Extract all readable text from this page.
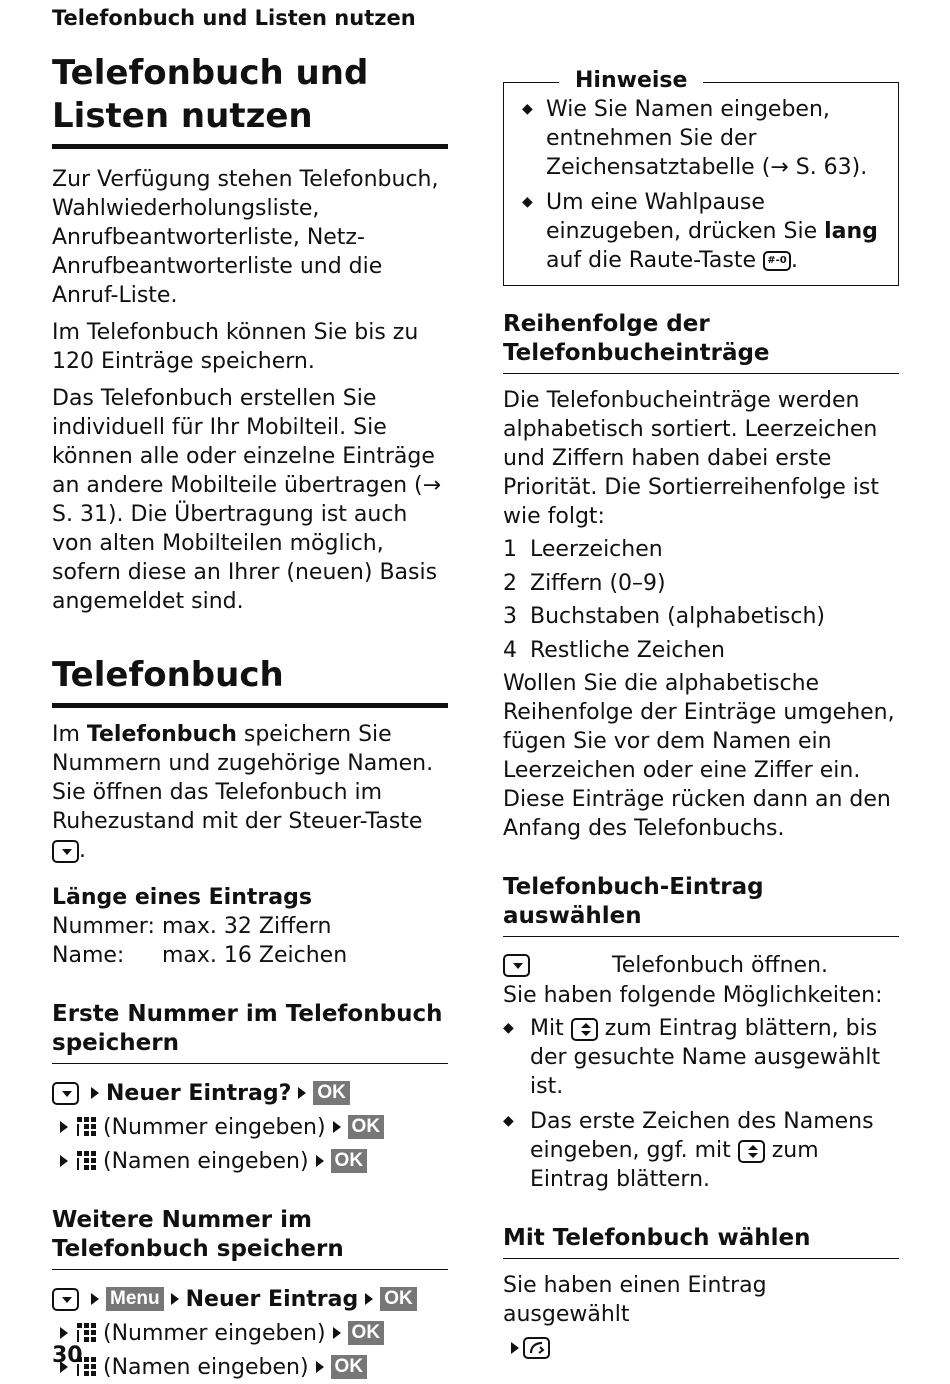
Telefonbuch und Listen nutzen
Telefonbuch und Listen nutzen

Zur Verfügung stehen Telefonbuch, Wahlwiederholungsliste, Anrufbeantworterliste, Netz-Anrufbeantworterliste und die Anruf-Liste.

Im Telefonbuch können Sie bis zu 120 Einträge speichern.

Das Telefonbuch erstellen Sie individuell für Ihr Mobilteil. Sie können alle oder einzelne Einträge an andere Mobilteile übertragen (→ S. 31). Die Übertragung ist auch von alten Mobilteilen möglich, sofern diese an Ihrer (neuen) Basis angemeldet sind.

Telefonbuch

Im Telefonbuch speichern Sie Nummern und zugehörige Namen. Sie öffnen das Telefonbuch im Ruhezustand mit der Steuer-Taste .

Länge eines Eintrags
Nummer: max. 32 Ziffern
Name: max. 16 Zeichen
Erste Nummer im Telefonbuch speichern
Neuer Eintrag? OK
(Nummer eingeben) OK
(Namen eingeben) OK
Weitere Nummer im Telefonbuch speichern
Menu Neuer Eintrag OK
(Nummer eingeben) OK
(Namen eingeben) OK
Hinweise
◆ Wie Sie Namen eingeben, entnehmen Sie der Zeichensatztabelle (→ S. 63).
◆ Um eine Wahlpause einzugeben, drücken Sie lang auf die Raute-Taste #-0 .
Reihenfolge der Telefonbucheinträge

Die Telefonbucheinträge werden alphabetisch sortiert. Leerzeichen und Ziffern haben dabei erste Priorität. Die Sortierreihenfolge ist wie folgt:

1 Leerzeichen
2 Ziffern (0–9)
3 Buchstaben (alphabetisch)
4 Restliche Zeichen

Wollen Sie die alphabetische Reihenfolge der Einträge umgehen, fügen Sie vor dem Namen ein Leerzeichen oder eine Ziffer ein. Diese Einträge rücken dann an den Anfang des Telefonbuchs.

Telefonbuch-Eintrag auswählen
Telefonbuch öffnen.

Sie haben folgende Möglichkeiten:

◆ Mit  zum Eintrag blättern, bis der gesuchte Name ausgewählt ist.
◆ Das erste Zeichen des Namens eingeben, ggf. mit  zum Eintrag blättern.
Mit Telefonbuch wählen

Sie haben einen Eintrag ausgewählt

30
